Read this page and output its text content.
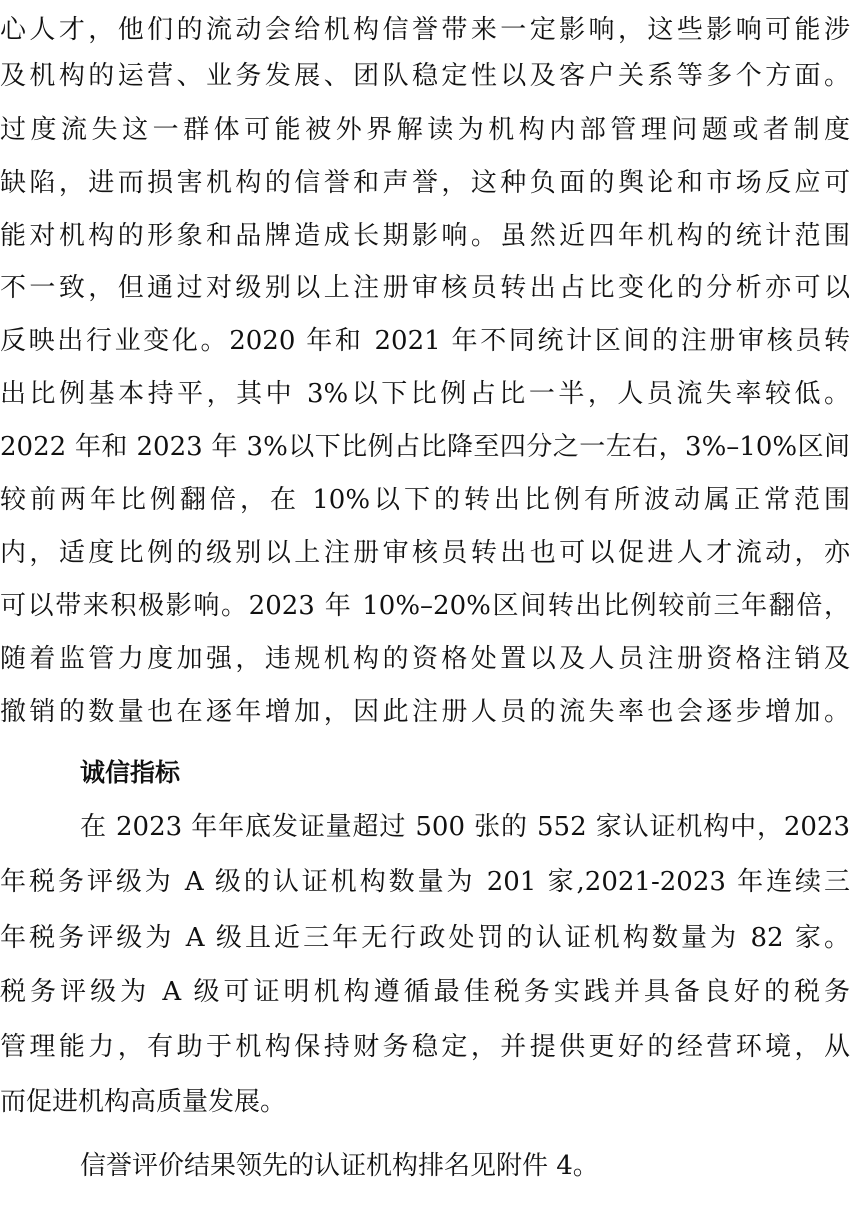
心人才，他们的流动会给机构信誉带来一定影响，这些影响可能涉
及机构的运营、业务发展、团队稳定性以及客户关系等多个方面。
过度流失这一群体可能被外界解读为机构内部管理问题或者制度
缺陷，进而损害机构的信誉和声誉，这种负面的舆论和市场反应可
能对机构的形象和品牌造成长期影响。虽然近四年机构的统计范围
不一致，但通过对级别以上注册审核员转出占比变化的分析亦可以
反映出行业变化。2020 年和 2021 年不同统计区间的注册审核员转
出比例基本持平，其中 3%以下比例占比一半，人员流失率较低。
2022 年和 2023 年 3%以下比例占比降至四分之一左右，3%–10%区间
较前两年比例翻倍，在 10%以下的转出比例有所波动属正常范围
内，适度比例的级别以上注册审核员转出也可以促进人才流动，亦
可以带来积极影响。2023 年 10%–20%区间转出比例较前三年翻倍，
随着监管力度加强，违规机构的资格处置以及人员注册资格注销及
撤销的数量也在逐年增加，因此注册人员的流失率也会逐步增加。
诚信指标
在 2023 年年底发证量超过 500 张的 552 家认证机构中，2023
年税务评级为 A 级的认证机构数量为 201 家,2021-2023 年连续三
年税务评级为 A 级且近三年无行政处罚的认证机构数量为 82 家。
税务评级为 A 级可证明机构遵循最佳税务实践并具备良好的税务
管理能力，有助于机构保持财务稳定，并提供更好的经营环境，从
而促进机构高质量发展。
信誉评价结果领先的认证机构排名见附件 4。
